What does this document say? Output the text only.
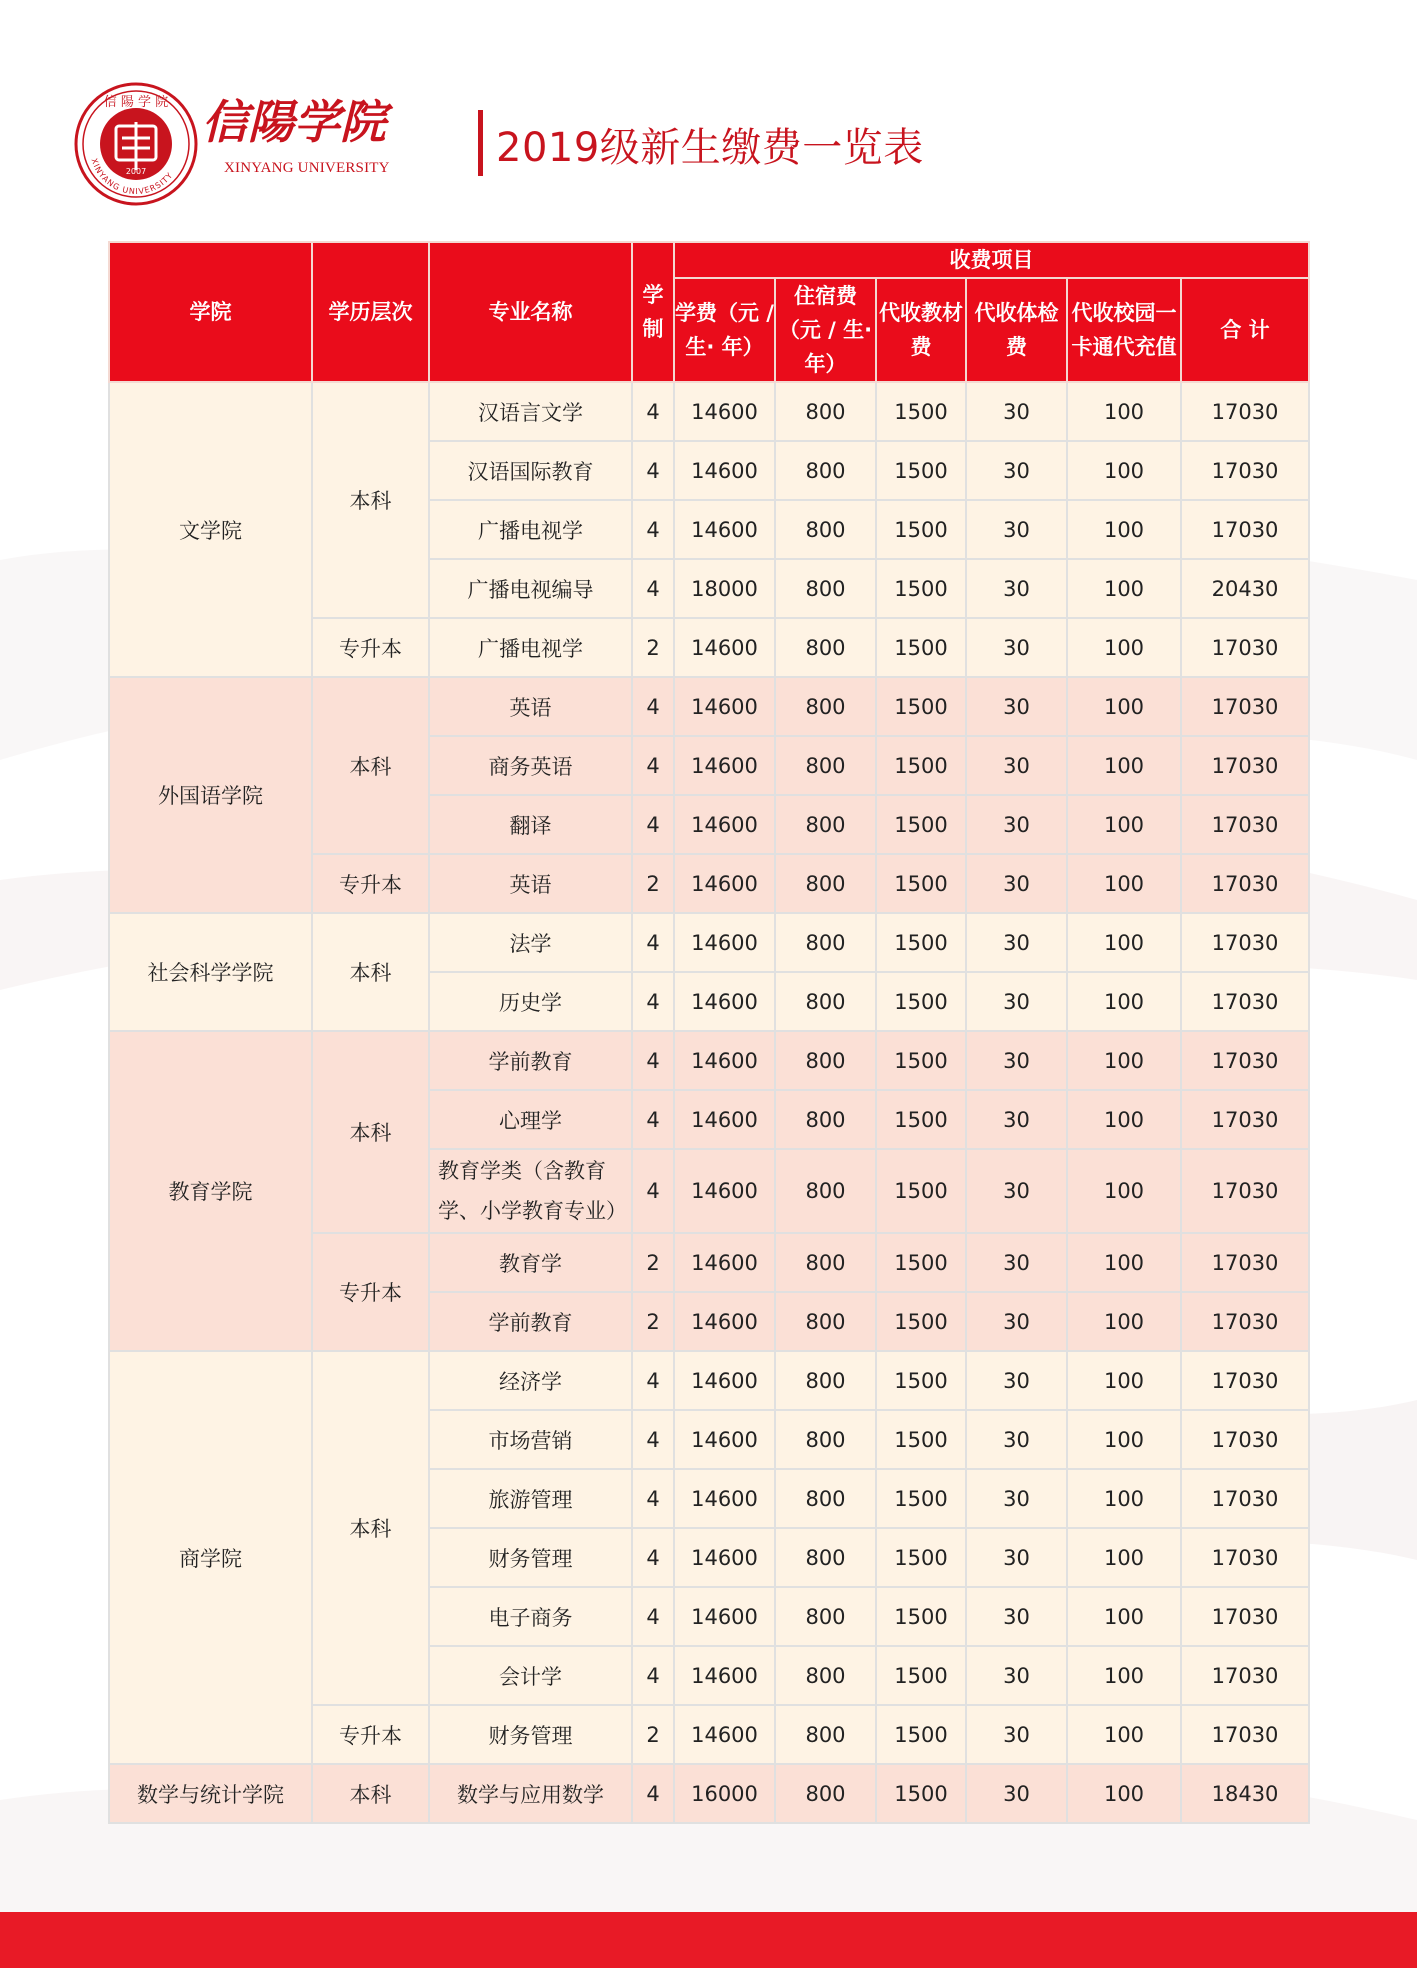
信 陽 学 院
XINYANG UNIVERSITY
2007
信陽学院
XINYANG UNIVERSITY	2019级新生缴费一览表
学院	学历层次	专业名称	学制	收费项目					
				学费（元 / 生· 年）	住宿费（元 / 生· 年）	代收教材费	代收体检费	代收校园一卡通代充值	合 计
文学院	本科	汉语言文学	4	14600	800	1500	30	100	17030
		汉语国际教育	4	14600	800	1500	30	100	17030
		广播电视学	4	14600	800	1500	30	100	17030
		广播电视编导	4	18000	800	1500	30	100	20430
	专升本	广播电视学	2	14600	800	1500	30	100	17030
外国语学院	本科	英语	4	14600	800	1500	30	100	17030
		商务英语	4	14600	800	1500	30	100	17030
		翻译	4	14600	800	1500	30	100	17030
	专升本	英语	2	14600	800	1500	30	100	17030
社会科学学院	本科	法学	4	14600	800	1500	30	100	17030
		历史学	4	14600	800	1500	30	100	17030
教育学院	本科	学前教育	4	14600	800	1500	30	100	17030
		心理学	4	14600	800	1500	30	100	17030
		教育学类（含教育学、小学教育专业）	4	14600	800	1500	30	100	17030
	专升本	教育学	2	14600	800	1500	30	100	17030
		学前教育	2	14600	800	1500	30	100	17030
商学院	本科	经济学	4	14600	800	1500	30	100	17030
		市场营销	4	14600	800	1500	30	100	17030
		旅游管理	4	14600	800	1500	30	100	17030
		财务管理	4	14600	800	1500	30	100	17030
		电子商务	4	14600	800	1500	30	100	17030
		会计学	4	14600	800	1500	30	100	17030
	专升本	财务管理	2	14600	800	1500	30	100	17030
数学与统计学院	本科	数学与应用数学	4	16000	800	1500	30	100	18430
